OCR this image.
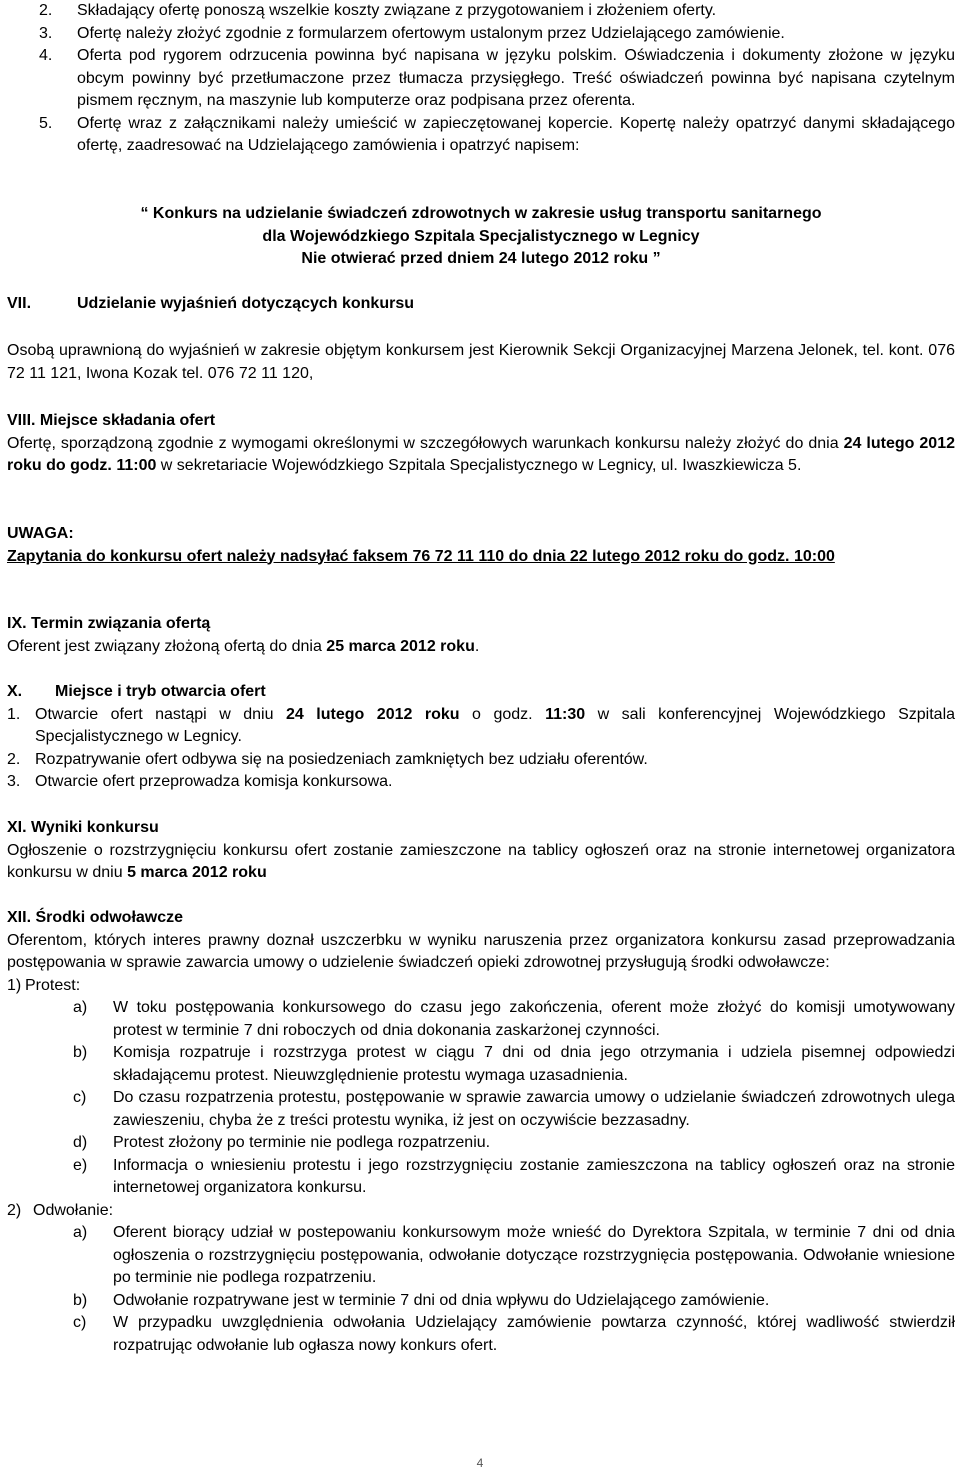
2.	Składający ofertę ponoszą wszelkie koszty związane z przygotowaniem i złożeniem oferty.
3.	Ofertę należy złożyć zgodnie z formularzem ofertowym ustalonym przez Udzielającego zamówienie.
4.	Oferta pod rygorem odrzucenia powinna być napisana w języku polskim. Oświadczenia i dokumenty złożone w języku obcym powinny być przetłumaczone przez tłumacza przysięgłego. Treść oświadczeń powinna być napisana czytelnym pismem ręcznym, na maszynie lub komputerze oraz podpisana przez oferenta.
5.	Ofertę wraz z załącznikami należy umieścić w zapieczętowanej kopercie. Kopertę należy opatrzyć danymi składającego ofertę, zaadresować na Udzielającego zamówienia i opatrzyć napisem:
“ Konkurs na udzielanie świadczeń zdrowotnych w zakresie usług transportu sanitarnego
dla Wojewódzkiego Szpitala Specjalistycznego w Legnicy
Nie otwierać przed dniem 24 lutego 2012 roku ”
VII.	Udzielanie wyjaśnień dotyczących konkursu
Osobą uprawnioną do wyjaśnień w zakresie objętym konkursem jest Kierownik Sekcji Organizacyjnej Marzena Jelonek, tel. kont. 076 72 11 121, Iwona Kozak tel. 076 72 11 120,
VIII. Miejsce składania ofert
Ofertę, sporządzoną zgodnie z wymogami określonymi w szczegółowych warunkach konkursu należy złożyć do dnia 24 lutego 2012 roku do godz. 11:00 w sekretariacie Wojewódzkiego Szpitala Specjalistycznego w Legnicy, ul. Iwaszkiewicza 5.
UWAGA:
Zapytania do konkursu ofert należy nadsyłać faksem 76 72 11 110 do dnia 22 lutego 2012 roku do godz. 10:00
IX. Termin związania ofertą
Oferent jest związany złożoną ofertą do dnia 25 marca 2012 roku.
X.	Miejsce i tryb otwarcia ofert
1. Otwarcie ofert nastąpi w dniu 24 lutego 2012 roku o godz. 11:30 w sali konferencyjnej Wojewódzkiego Szpitala Specjalistycznego w Legnicy.
2. Rozpatrywanie ofert odbywa się na posiedzeniach zamkniętych bez udziału oferentów.
3. Otwarcie ofert przeprowadza komisja konkursowa.
XI. Wyniki konkursu
Ogłoszenie o rozstrzygnięciu konkursu ofert zostanie zamieszczone na tablicy ogłoszeń oraz na stronie internetowej organizatora konkursu w dniu 5 marca 2012 roku
XII. Środki odwoławcze
Oferentom, których interes prawny doznał uszczerbku w wyniku naruszenia przez organizatora konkursu zasad przeprowadzania postępowania w sprawie zawarcia umowy o udzielenie świadczeń opieki zdrowotnej przysługują środki odwoławcze:
1) Protest:
a)	W toku postępowania konkursowego do czasu jego zakończenia, oferent może złożyć do komisji umotywowany protest w terminie 7 dni roboczych od dnia dokonania zaskarżonej czynności.
b)	Komisja rozpatruje i rozstrzyga protest w ciągu 7 dni od dnia jego otrzymania i udziela pisemnej odpowiedzi składającemu protest. Nieuwzględnienie protestu wymaga uzasadnienia.
c)	Do czasu rozpatrzenia protestu, postępowanie w sprawie zawarcia umowy o udzielanie świadczeń zdrowotnych ulega zawieszeniu, chyba że z treści protestu wynika, iż jest on oczywiście bezzasadny.
d)	Protest złożony po terminie nie podlega rozpatrzeniu.
e)	Informacja o wniesieniu protestu i jego rozstrzygnięciu zostanie zamieszczona na tablicy ogłoszeń oraz na stronie internetowej organizatora konkursu.
2) Odwołanie:
a)	Oferent biorący udział w postepowaniu konkursowym może wnieść do Dyrektora Szpitala, w terminie 7 dni od dnia ogłoszenia o rozstrzygnięciu postępowania, odwołanie dotyczące rozstrzygnięcia postępowania. Odwołanie wniesione po terminie nie podlega rozpatrzeniu.
b)	Odwołanie rozpatrywane jest w terminie 7 dni od dnia wpływu do Udzielającego zamówienie.
c)	W przypadku uwzględnienia odwołania Udzielający zamówienie powtarza czynność, której wadliwość stwierdził rozpatrując odwołanie lub ogłasza nowy konkurs ofert.
4
